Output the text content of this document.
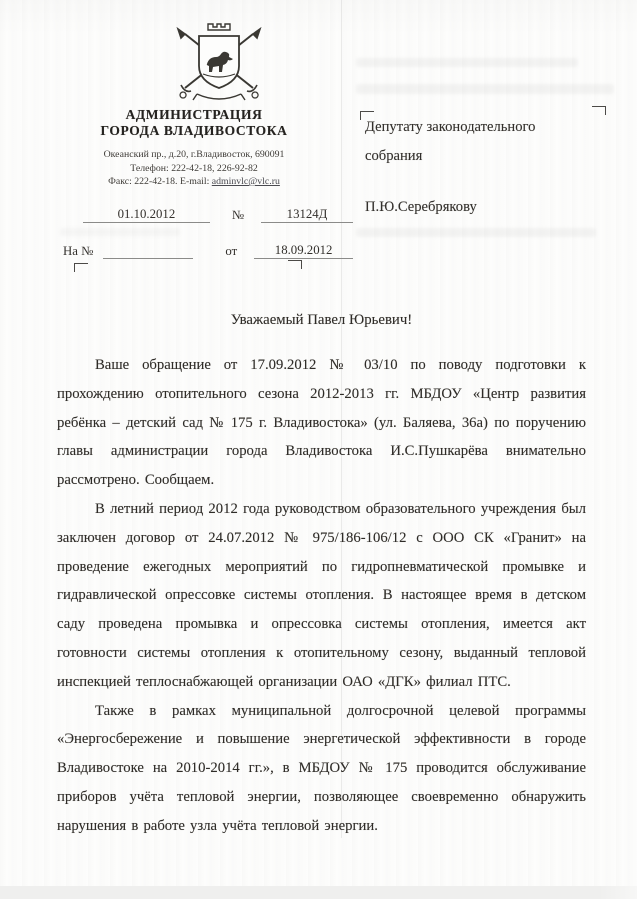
АДМИНИСТРАЦИЯ
ГОРОДА ВЛАДИВОСТОКА
Океанский пр., д.20, г.Владивосток, 690091
Телефон: 222-42-18, 226-92-82
Факс: 222-42-18. E-mail: adminvlc@vlc.ru
01.10.2012	№	13124Д
На №	от	18.09.2012
Депутату законодательного
собрания
П.Ю.Серебрякову
Уважаемый Павел Юрьевич!

Ваше обращение от 17.09.2012 № 03/10 по поводу подготовки к прохождению отопительного сезона 2012-2013 гг. МБДОУ «Центр развития ребёнка – детский сад № 175 г. Владивостока» (ул. Баляева, 36а) по поручению главы администрации города Владивостока И.С.Пушкарёва внимательно рассмотрено. Сообщаем.

В летний период 2012 года руководством образовательного учреждения был заключен договор от 24.07.2012 № 975/186-106/12 с ООО СК «Гранит» на проведение ежегодных мероприятий по гидропневматической промывке и гидравлической опрессовке системы отопления. В настоящее время в детском саду проведена промывка и опрессовка системы отопления, имеется акт готовности системы отопления к отопительному сезону, выданный тепловой инспекцией теплоснабжающей организации ОАО «ДГК» филиал ПТС.

Также в рамках муниципальной долгосрочной целевой программы «Энергосбережение и повышение энергетической эффективности в городе Владивостоке на 2010-2014 гг.», в МБДОУ № 175 проводится обслуживание приборов учёта тепловой энергии, позволяющее своевременно обнаружить нарушения в работе узла учёта тепловой энергии.
